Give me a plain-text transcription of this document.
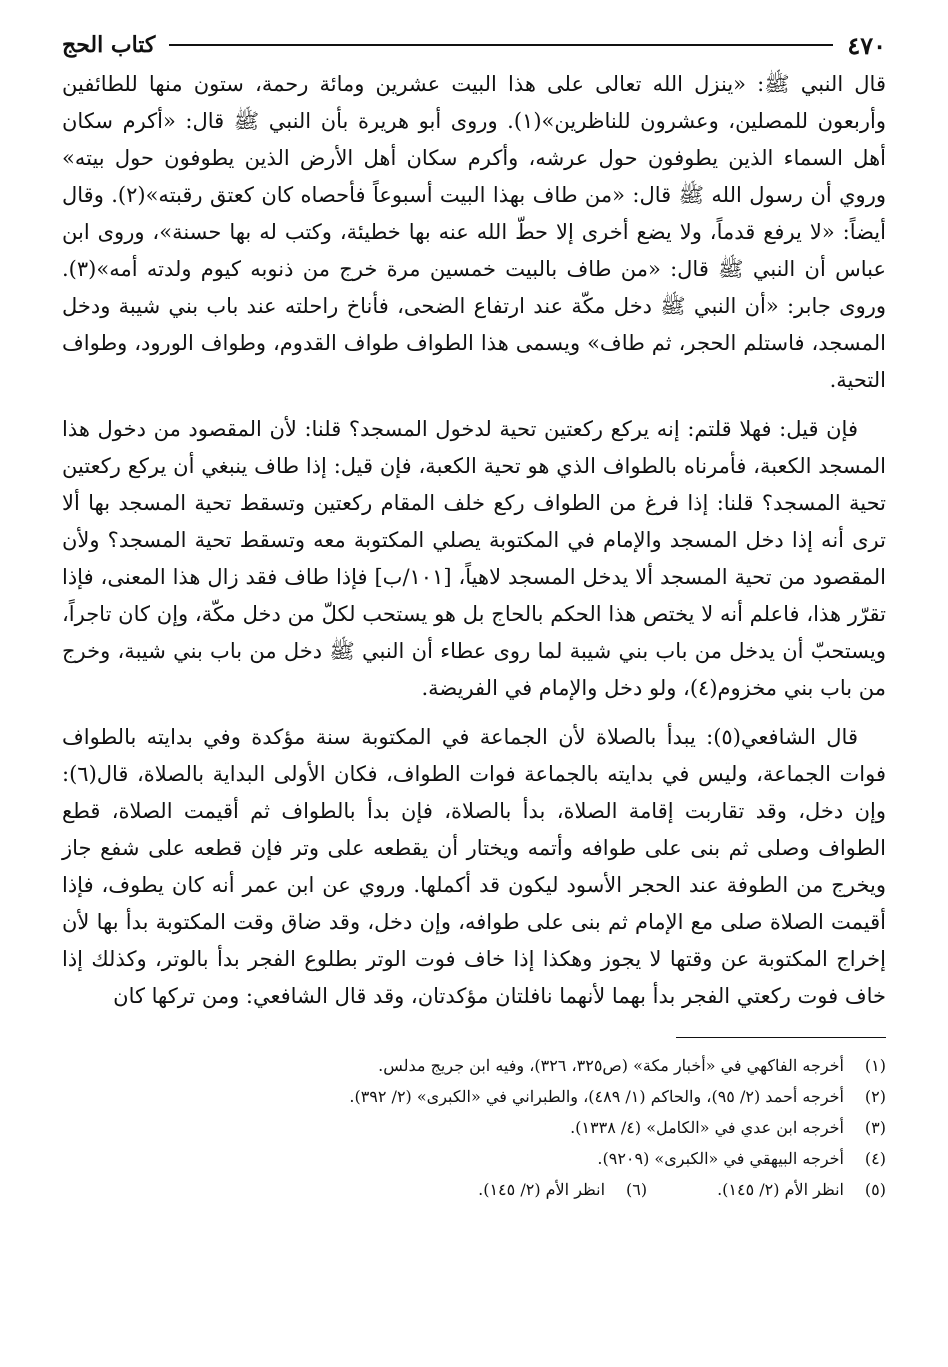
٤٧٠
كتاب الحج

قال النبي ﷺ: «ينزل الله تعالى على هذا البيت عشرين ومائة رحمة، ستون منها للطائفين وأربعون للمصلين، وعشرون للناظرين»(١). وروى أبو هريرة بأن النبي ﷺ قال: «أكرم سكان أهل السماء الذين يطوفون حول عرشه، وأكرم سكان أهل الأرض الذين يطوفون حول بيته» وروي أن رسول الله ﷺ قال: «من طاف بهذا البيت أسبوعاً فأحصاه كان كعتق رقبته»(٢). وقال أيضاً: «لا يرفع قدماً، ولا يضع أخرى إلا حطّ الله عنه بها خطيئة، وكتب له بها حسنة»، وروى ابن عباس أن النبي ﷺ قال: «من طاف بالبيت خمسين مرة خرج من ذنوبه كيوم ولدته أمه»(٣). وروى جابر: «أن النبي ﷺ دخل مكّة عند ارتفاع الضحى، فأناخ راحلته عند باب بني شيبة ودخل المسجد، فاستلم الحجر، ثم طاف» ويسمى هذا الطواف طواف القدوم، وطواف الورود، وطواف التحية.

فإن قيل: فهلا قلتم: إنه يركع ركعتين تحية لدخول المسجد؟ قلنا: لأن المقصود من دخول هذا المسجد الكعبة، فأمرناه بالطواف الذي هو تحية الكعبة، فإن قيل: إذا طاف ينبغي أن يركع ركعتين تحية المسجد؟ قلنا: إذا فرغ من الطواف ركع خلف المقام ركعتين وتسقط تحية المسجد بها ألا ترى أنه إذا دخل المسجد والإمام في المكتوبة يصلي المكتوبة معه وتسقط تحية المسجد؟ ولأن المقصود من تحية المسجد ألا يدخل المسجد لاهياً، [١٠١/ب] فإذا طاف فقد زال هذا المعنى، فإذا تقرّر هذا، فاعلم أنه لا يختص هذا الحكم بالحاج بل هو يستحب لكلّ من دخل مكّة، وإن كان تاجراً، ويستحبّ أن يدخل من باب بني شيبة لما روى عطاء أن النبي ﷺ دخل من باب بني شيبة، وخرج من باب بني مخزوم(٤)، ولو دخل والإمام في الفريضة.

قال الشافعي(٥): يبدأ بالصلاة لأن الجماعة في المكتوبة سنة مؤكدة وفي بدايته بالطواف فوات الجماعة، وليس في بدايته بالجماعة فوات الطواف، فكان الأولى البداية بالصلاة، قال(٦): وإن دخل، وقد تقاربت إقامة الصلاة، بدأ بالصلاة، فإن بدأ بالطواف ثم أقيمت الصلاة، قطع الطواف وصلى ثم بنى على طوافه وأتمه ويختار أن يقطعه على وتر فإن قطعه على شفع جاز ويخرج من الطوفة عند الحجر الأسود ليكون قد أكملها. وروي عن ابن عمر أنه كان يطوف، فإذا أقيمت الصلاة صلى مع الإمام ثم بنى على طوافه، وإن دخل، وقد ضاق وقت المكتوبة بدأ بها لأن إخراج المكتوبة عن وقتها لا يجوز وهكذا إذا خاف فوت الوتر بطلوع الفجر بدأ بالوتر، وكذلك إذا خاف فوت ركعتي الفجر بدأ بهما لأنهما نافلتان مؤكدتان، وقد قال الشافعي: ومن تركها كان

(١)
أخرجه الفاكهي في «أخبار مكة» (ص٣٢٥، ٣٢٦)، وفيه ابن جريج مدلس.
(٢)
أخرجه أحمد (٢/ ٩٥)، والحاكم (١/ ٤٨٩)، والطبراني في «الكبرى» (٢/ ٣٩٢).
(٣)
أخرجه ابن عدي في «الكامل» (٤/ ١٣٣٨).
(٤)
أخرجه البيهقي في «الكبرى» (٩٢٠٩).
(٥)
انظر الأم (٢/ ١٤٥).
(٦)
انظر الأم (٢/ ١٤٥).
